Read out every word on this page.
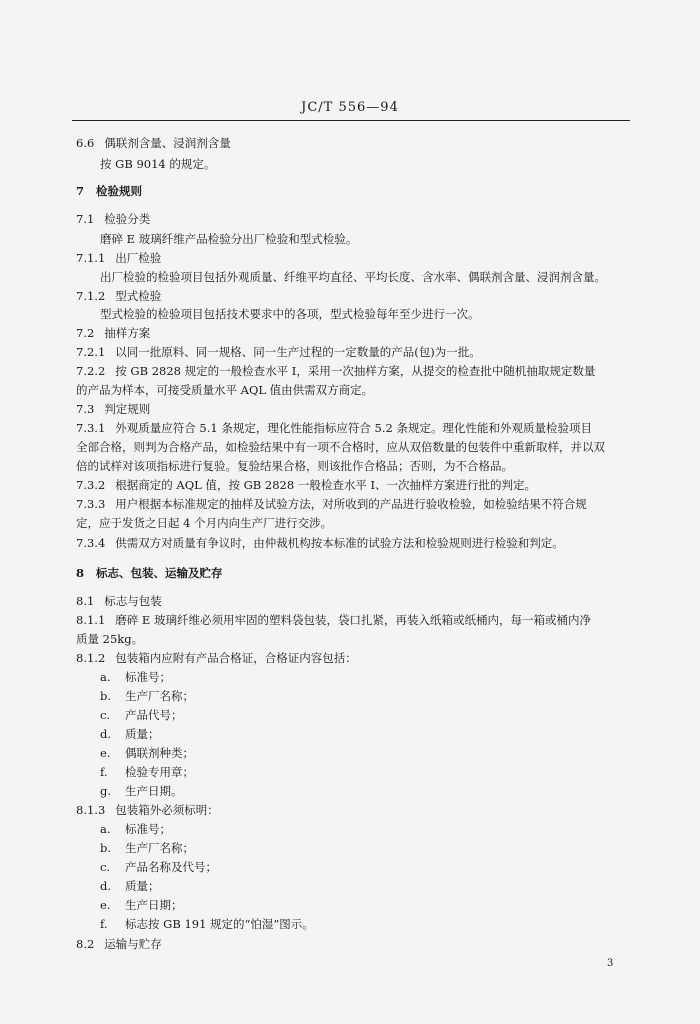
JC/T 556—94
6.6 偶联剂含量、浸润剂含量
按 GB 9014 的规定。
7 检验规则
7.1 检验分类
磨碎 E 玻璃纤维产品检验分出厂检验和型式检验。
7.1.1 出厂检验
出厂检验的检验项目包括外观质量、纤维平均直径、平均长度、含水率、偶联剂含量、浸润剂含量。
7.1.2 型式检验
型式检验的检验项目包括技术要求中的各项，型式检验每年至少进行一次。
7.2 抽样方案
7.2.1 以同一批原料、同一规格、同一生产过程的一定数量的产品(包)为一批。
7.2.2 按 GB 2828 规定的一般检查水平 I，采用一次抽样方案，从提交的检查批中随机抽取规定数量
的产品为样本，可接受质量水平 AQL 值由供需双方商定。
7.3 判定规则
7.3.1 外观质量应符合 5.1 条规定，理化性能指标应符合 5.2 条规定。理化性能和外观质量检验项目
全部合格，则判为合格产品，如检验结果中有一项不合格时，应从双倍数量的包装件中重新取样，并以双
倍的试样对该项指标进行复验。复验结果合格，则该批作合格品；否则，为不合格品。
7.3.2 根据商定的 AQL 值，按 GB 2828 一般检查水平 I、一次抽样方案进行批的判定。
7.3.3 用户根据本标准规定的抽样及试验方法，对所收到的产品进行验收检验，如检验结果不符合规
定，应于发货之日起 4 个月内向生产厂进行交涉。
7.3.4 供需双方对质量有争议时，由仲裁机构按本标准的试验方法和检验规则进行检验和判定。
8 标志、包装、运输及贮存
8.1 标志与包装
8.1.1 磨碎 E 玻璃纤维必须用牢固的塑料袋包装，袋口扎紧，再装入纸箱或纸桶内，每一箱或桶内净
质量 25kg。
8.1.2 包装箱内应附有产品合格证，合格证内容包括：
a. 标准号；
b. 生产厂名称；
c. 产品代号；
d. 质量；
e. 偶联剂种类；
f. 检验专用章；
g. 生产日期。
8.1.3 包装箱外必须标明：
a. 标准号；
b. 生产厂名称；
c. 产品名称及代号；
d. 质量；
e. 生产日期；
f. 标志按 GB 191 规定的“怕湿”图示。
8.2 运输与贮存
3
